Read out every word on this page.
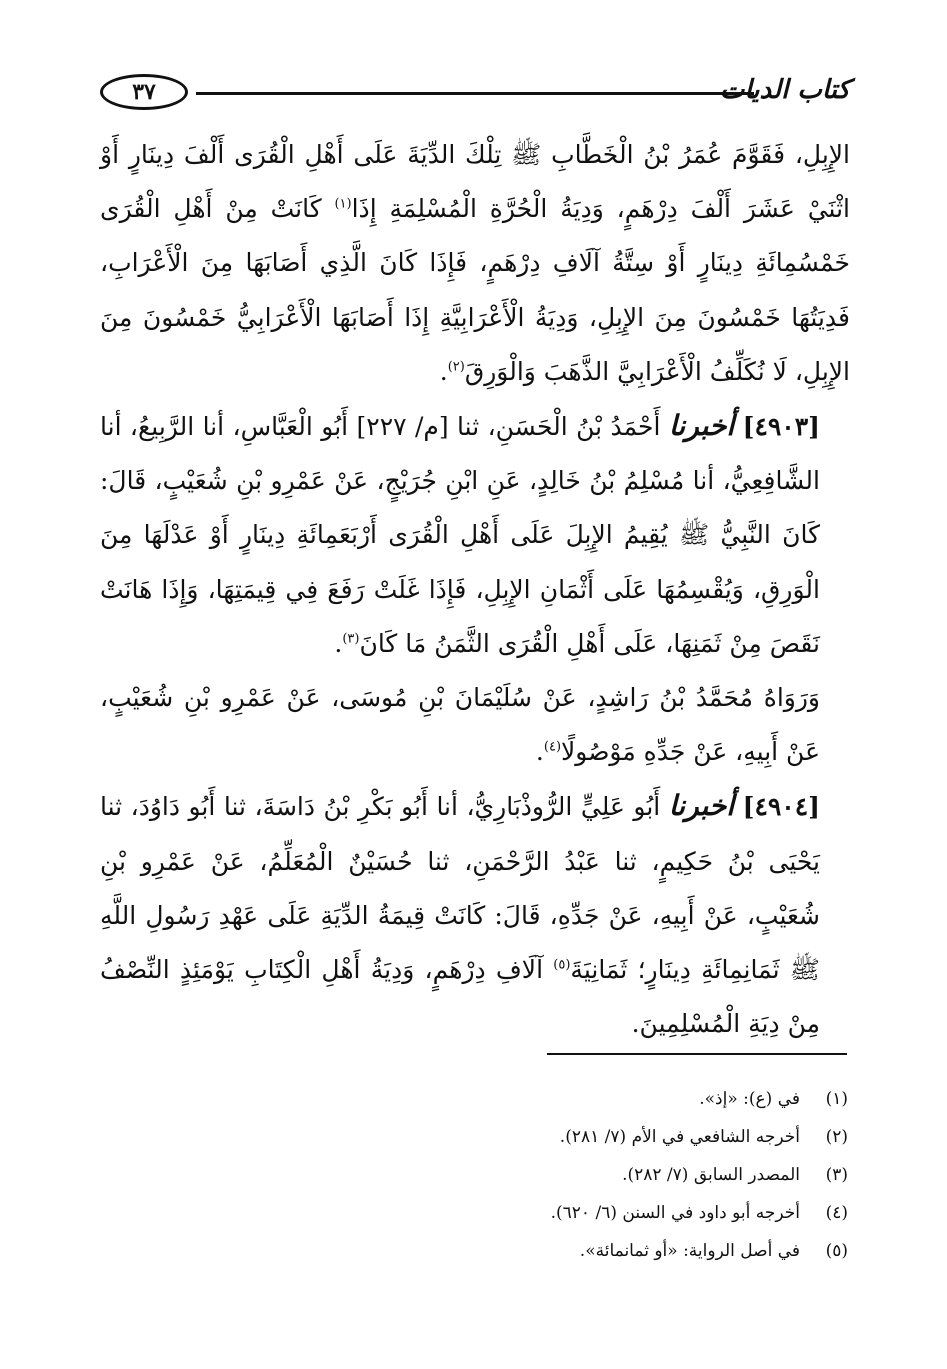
٣٧	كتاب الديات

الإِبِلِ، فَقَوَّمَ عُمَرُ بْنُ الْخَطَّابِ ﷺ تِلْكَ الدِّيَةَ عَلَى أَهْلِ الْقُرَى أَلْفَ دِينَارٍ أَوْ اثْنَيْ عَشَرَ أَلْفَ دِرْهَمٍ، وَدِيَةُ الْحُرَّةِ الْمُسْلِمَةِ إِذَا$^{(١)}$ كَانَتْ مِنْ أَهْلِ الْقُرَى خَمْسُمِائَةِ دِينَارٍ أَوْ سِتَّةُ آلَافِ دِرْهَمٍ، فَإِذَا كَانَ الَّذِي أَصَابَهَا مِنَ الْأَعْرَابِ، فَدِيَتُهَا خَمْسُونَ مِنَ الإِبِلِ، وَدِيَةُ الْأَعْرَابِيَّةِ إِذَا أَصَابَهَا الْأَعْرَابِيُّ خَمْسُونَ مِنَ الإِبِلِ، لَا نُكَلِّفُ الْأَعْرَابِيَّ الذَّهَبَ وَالْوَرِقَ$^{(٢)}$.

[٤٩٠٣] أخبرنا أَحْمَدُ بْنُ الْحَسَنِ، ثنا [م/ ٢٢٧] أَبُو الْعَبَّاسِ، أنا الرَّبِيعُ، أنا الشَّافِعِيُّ، أنا مُسْلِمُ بْنُ خَالِدٍ، عَنِ ابْنِ جُرَيْجٍ، عَنْ عَمْرِو بْنِ شُعَيْبٍ، قَالَ: كَانَ النَّبِيُّ ﷺ يُقِيمُ الإِبِلَ عَلَى أَهْلِ الْقُرَى أَرْبَعَمِائَةِ دِينَارٍ أَوْ عَدْلَهَا مِنَ الْوَرِقِ، وَيُقْسِمُهَا عَلَى أَثْمَانِ الإِبِلِ، فَإِذَا غَلَتْ رَفَعَ فِي قِيمَتِهَا، وَإِذَا هَانَتْ نَقَصَ مِنْ ثَمَنِهَا، عَلَى أَهْلِ الْقُرَى الثَّمَنُ مَا كَانَ$^{(٣)}$.

وَرَوَاهُ مُحَمَّدُ بْنُ رَاشِدٍ، عَنْ سُلَيْمَانَ بْنِ مُوسَى، عَنْ عَمْرِو بْنِ شُعَيْبٍ، عَنْ أَبِيهِ، عَنْ جَدِّهِ مَوْصُولًا$^{(٤)}$.

[٤٩٠٤] أخبرنا أَبُو عَلِيٍّ الرُّوذْبَارِيُّ، أنا أَبُو بَكْرِ بْنُ دَاسَةَ، ثنا أَبُو دَاوُدَ، ثنا يَحْيَى بْنُ حَكِيمٍ، ثنا عَبْدُ الرَّحْمَنِ، ثنا حُسَيْنٌ الْمُعَلِّمُ، عَنْ عَمْرِو بْنِ شُعَيْبٍ، عَنْ أَبِيهِ، عَنْ جَدِّهِ، قَالَ: كَانَتْ قِيمَةُ الدِّيَةِ عَلَى عَهْدِ رَسُولِ اللَّهِ ﷺ ثَمَانِمِائَةِ دِينَارٍ؛ ثَمَانِيَةَ$^{(٥)}$ آلَافِ دِرْهَمٍ، وَدِيَةُ أَهْلِ الْكِتَابِ يَوْمَئِذٍ النِّصْفُ مِنْ دِيَةِ الْمُسْلِمِينَ.

(١)
في (ع): «إذ».
(٢)
أخرجه الشافعي في الأم (٧/ ٢٨١).
(٣)
المصدر السابق (٧/ ٢٨٢).
(٤)
أخرجه أبو داود في السنن (٦/ ٦٢٠).
(٥)
في أصل الرواية: «أو ثمانمائة».
